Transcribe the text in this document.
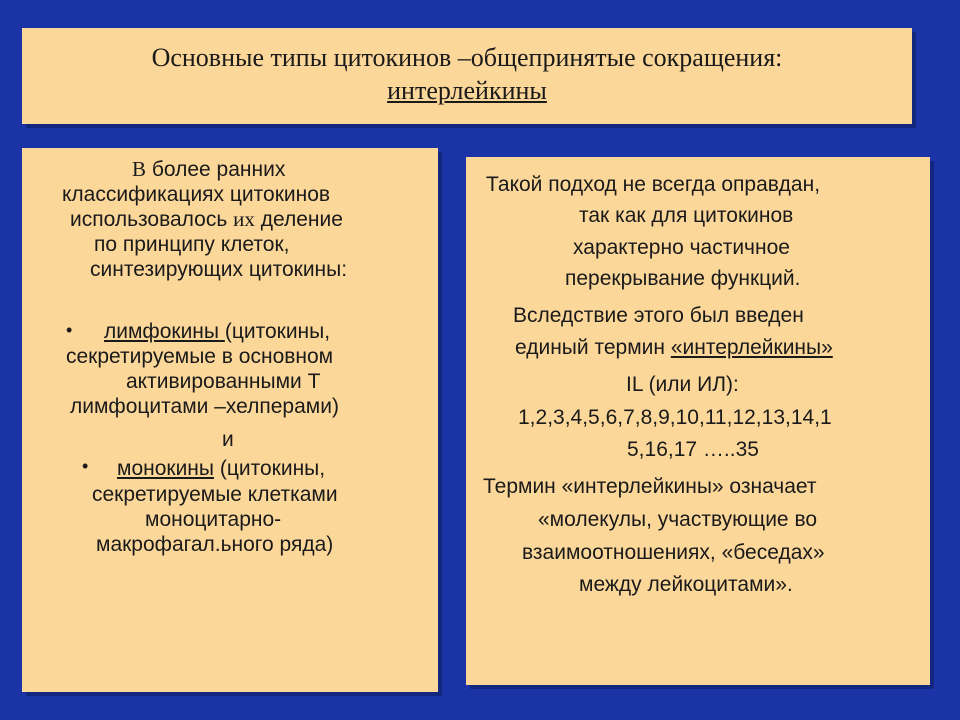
Основные типы цитокинов –общепринятые сокращения:
интерлейкины
В более ранних
классификациях цитокинов
использовалось их деление
по принципу клеток,
синтезирующих цитокины:
• лимфокины (цитокины,
секретируемые в основном
активированными Т
лимфоцитами –хелперами)
и
• монокины (цитокины,
секретируемые клетками
моноцитарно-
макрофагал.ьного ряда)
Такой подход не всегда оправдан,
так как для цитокинов
характерно частичное
перекрывание функций.
Вследствие этого был введен
единый термин «интерлейкины»
IL (или ИЛ):
1,2,3,4,5,6,7,8,9,10,11,12,13,14,1
5,16,17 …..35
Термин «интерлейкины» означает
«молекулы, участвующие во
взаимоотношениях, «беседах»
между лейкоцитами».
